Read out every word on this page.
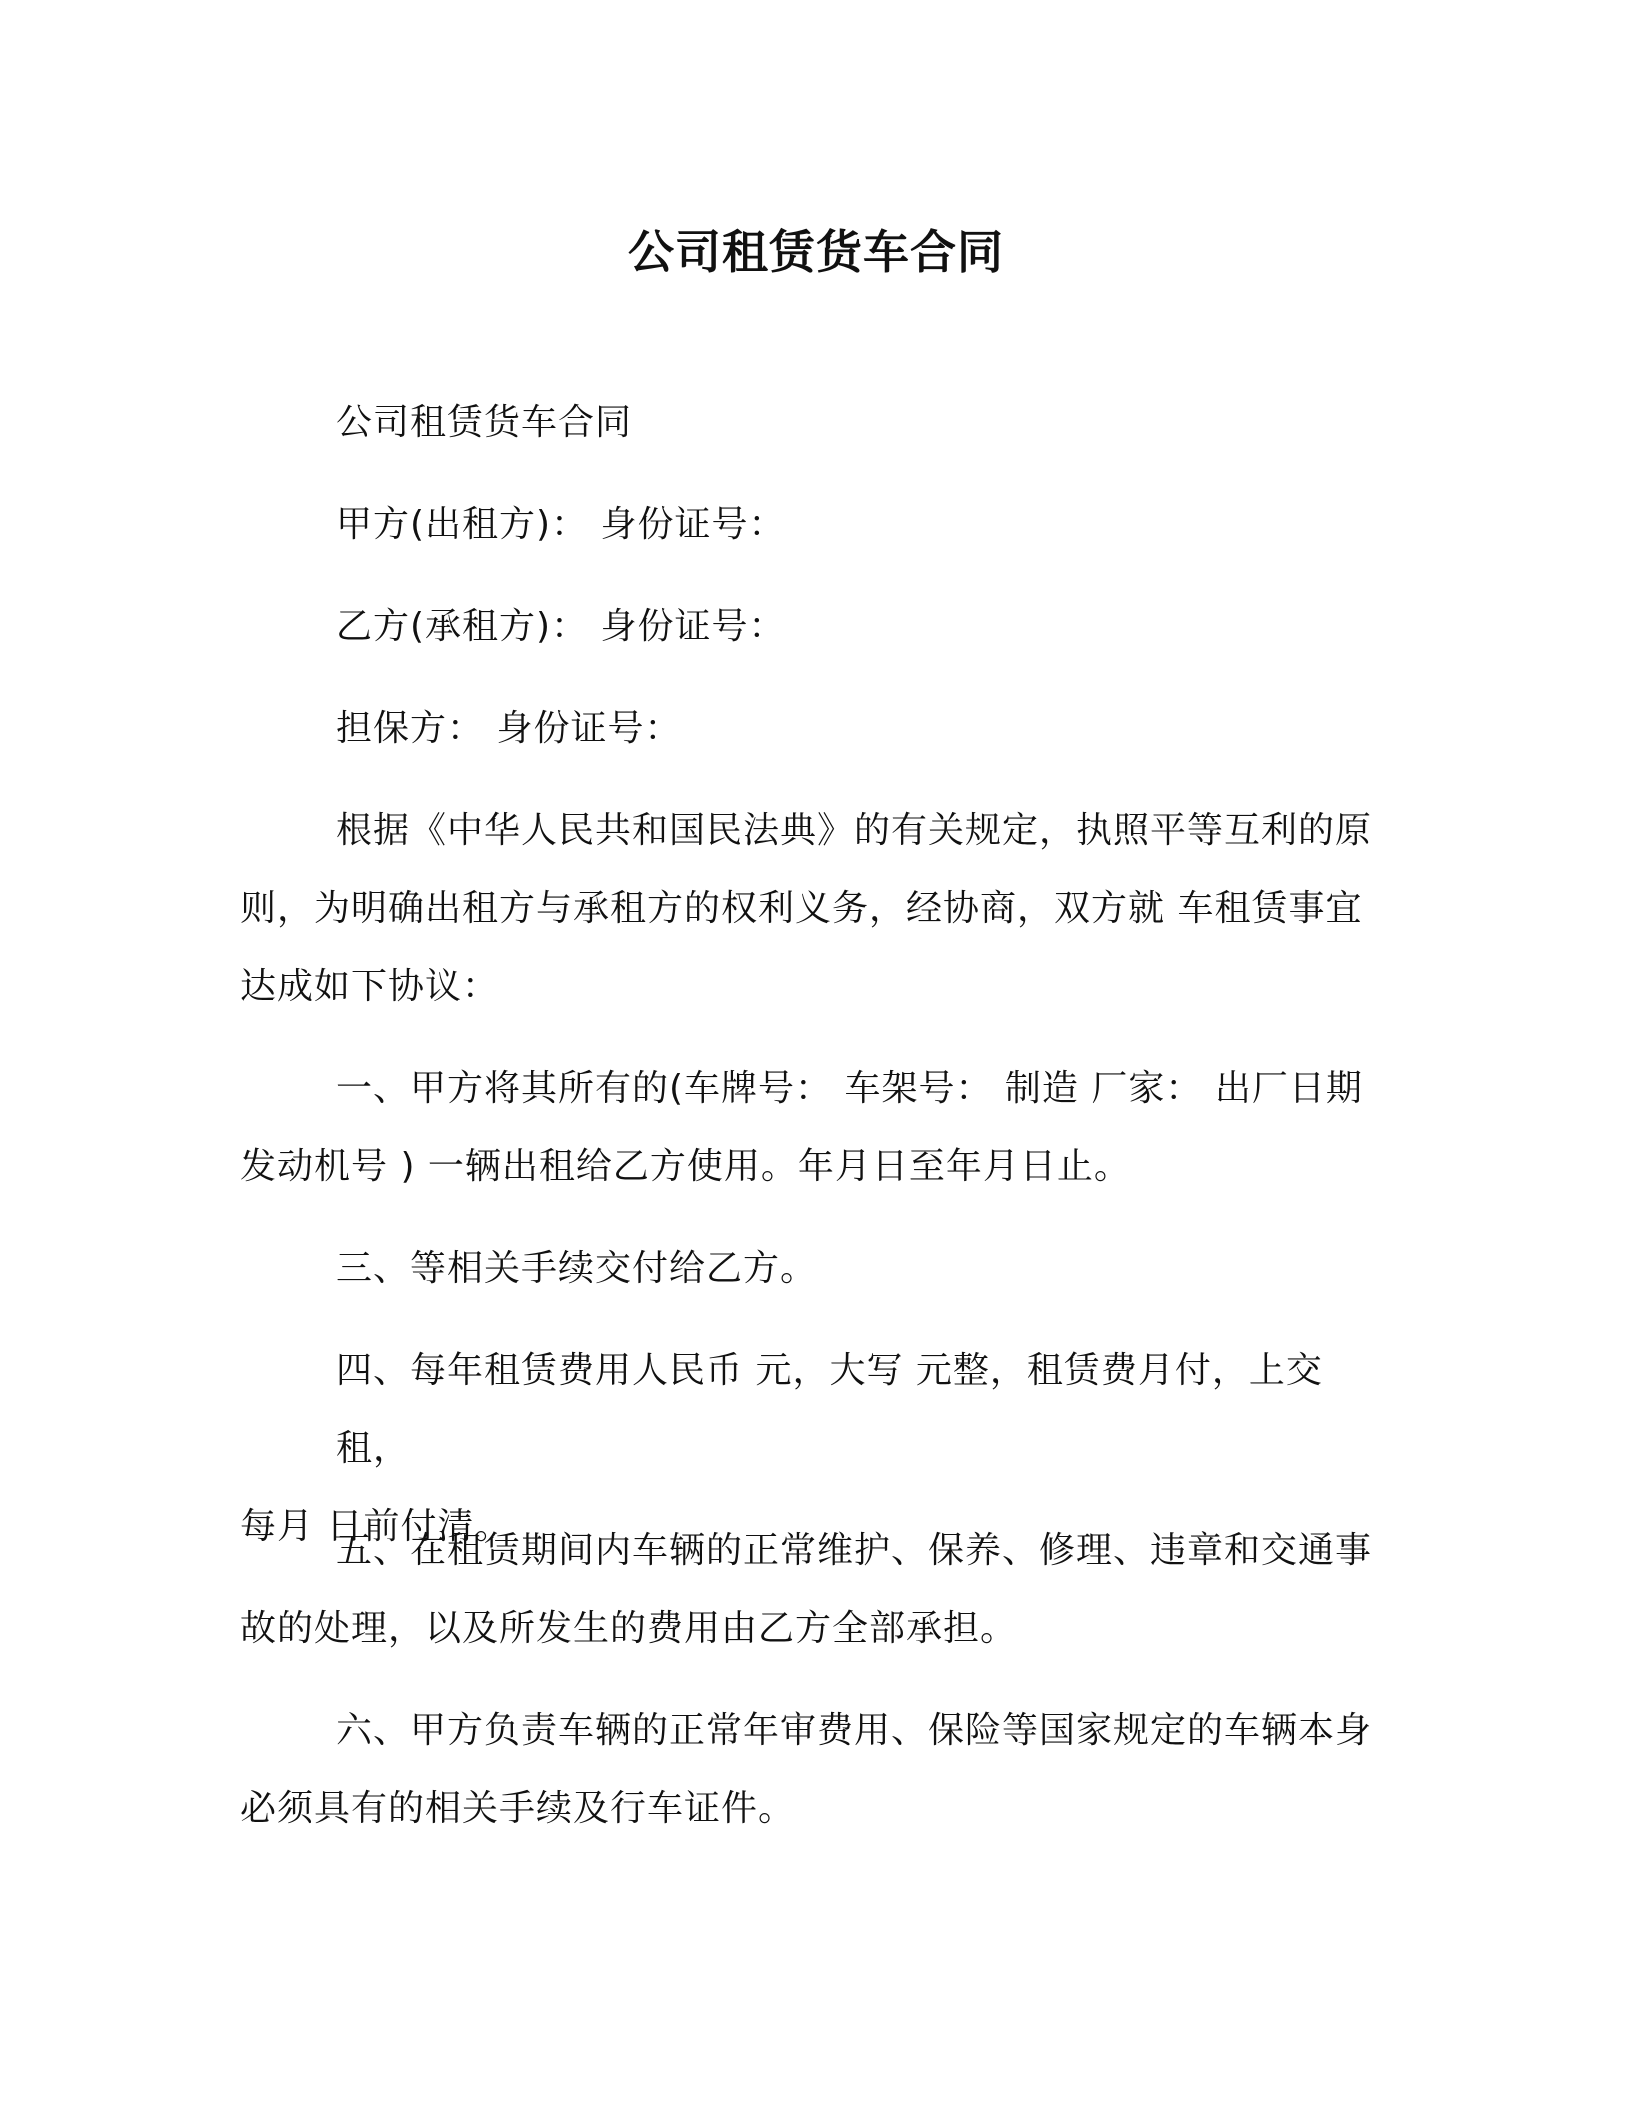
公司租赁货车合同
公司租赁货车合同
甲方(出租方)： 身份证号：
乙方(承租方)： 身份证号：
担保方： 身份证号：
根据《中华人民共和国民法典》的有关规定，执照平等互利的原
则，为明确出租方与承租方的权利义务，经协商，双方就 车租赁事宜
达成如下协议：
一、甲方将其所有的(车牌号： 车架号： 制造 厂家： 出厂日期
发动机号 ) 一辆出租给乙方使用。年月日至年月日止。
三、等相关手续交付给乙方。
四、每年租赁费用人民币 元，大写 元整，租赁费月付，上交租，
每月 日前付清。
五、在租赁期间内车辆的正常维护、保养、修理、违章和交通事
故的处理，以及所发生的费用由乙方全部承担。
六、甲方负责车辆的正常年审费用、保险等国家规定的车辆本身
必须具有的相关手续及行车证件。
